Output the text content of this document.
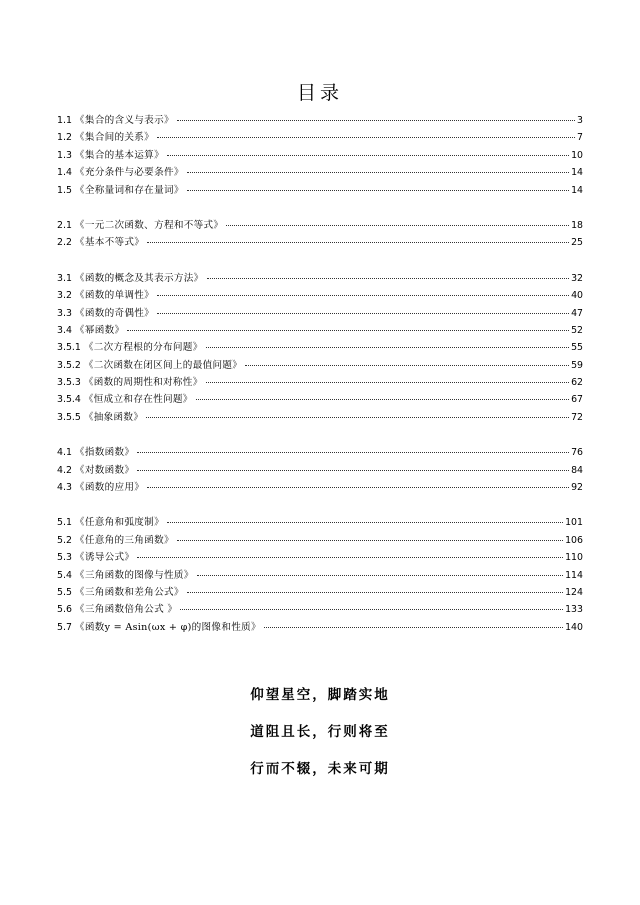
目录
1.1 《集合的含义与表示》	3
1.2 《集合间的关系》	7
1.3 《集合的基本运算》	10
1.4 《充分条件与必要条件》	14
1.5 《全称量词和存在量词》	14
2.1 《一元二次函数、方程和不等式》	18
2.2 《基本不等式》	25
3.1 《函数的概念及其表示方法》	32
3.2 《函数的单调性》	40
3.3 《函数的奇偶性》	47
3.4 《幂函数》	52
3.5.1 《二次方程根的分布问题》	55
3.5.2 《二次函数在闭区间上的最值问题》	59
3.5.3 《函数的周期性和对称性》	62
3.5.4 《恒成立和存在性问题》	67
3.5.5 《抽象函数》	72
4.1 《指数函数》	76
4.2 《对数函数》	84
4.3 《函数的应用》	92
5.1 《任意角和弧度制》	101
5.2 《任意角的三角函数》	106
5.3 《诱导公式》	110
5.4 《三角函数的图像与性质》	114
5.5 《三角函数和差角公式》	124
5.6 《三角函数倍角公式 》	133
5.7 《函数y = Asin(ωx + φ)的图像和性质》	140
仰望星空，脚踏实地
道阻且长，行则将至
行而不辍，未来可期
